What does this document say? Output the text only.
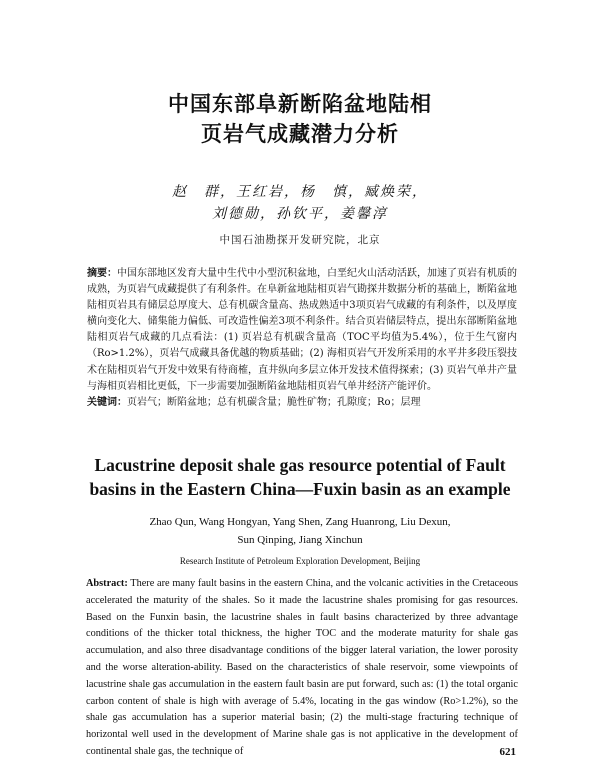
中国东部阜新断陷盆地陆相
页岩气成藏潜力分析
赵　群，王红岩，杨　慎，臧焕荣，
刘德勋，孙钦平，姜馨淳
中国石油勘探开发研究院，北京
摘要：中国东部地区发育大量中生代中小型沉积盆地，白垩纪火山活动活跃，加速了页岩有机质的成熟，为页岩气成藏提供了有利条件。在阜新盆地陆相页岩气勘探井数据分析的基础上，断陷盆地陆相页岩具有储层总厚度大、总有机碳含量高、热成熟适中3项页岩气成藏的有利条件，以及厚度横向变化大、储集能力偏低、可改造性偏差3项不利条件。结合页岩储层特点，提出东部断陷盆地陆相页岩气成藏的几点看法：(1) 页岩总有机碳含量高（TOC平均值为5.4%），位于生气窗内（Ro>1.2%），页岩气成藏具备优越的物质基础；(2) 海相页岩气开发所采用的水平井多段压裂技术在陆相页岩气开发中效果有待商榷，直井纵向多层立体开发技术值得探索；(3) 页岩气单井产量与海相页岩相比更低，下一步需要加强断陷盆地陆相页岩气单井经济产能评价。
关键词：页岩气；断陷盆地；总有机碳含量；脆性矿物；孔隙度；Ro；层理
Lacustrine deposit shale gas resource potential of Fault
basins in the Eastern China—Fuxin basin as an example
Zhao Qun, Wang Hongyan, Yang Shen, Zang Huanrong, Liu Dexun,
Sun Qinping, Jiang Xinchun
Research Institute of Petroleum Exploration Development, Beijing
Abstract: There are many fault basins in the eastern China, and the volcanic activities in the Cretaceous accelerated the maturity of the shales. So it made the lacustrine shales promising for gas resources. Based on the Funxin basin, the lacustrine shales in fault basins characterized by three advantage conditions of the thicker total thickness, the higher TOC and the moderate maturity for shale gas accumulation, and also three disadvantage conditions of the bigger lateral variation, the lower porosity and the worse alteration-ability. Based on the characteristics of shale reservoir, some viewpoints of lacustrine shale gas accumulation in the eastern fault basin are put forward, such as: (1) the total organic carbon content of shale is high with average of 5.4%, locating in the gas window (Ro>1.2%), so the shale gas accumulation has a superior material basin; (2) the multi-stage fracturing technique of horizontal well used in the development of Marine shale gas is not applicative in the development of continental shale gas, the technique of	621
